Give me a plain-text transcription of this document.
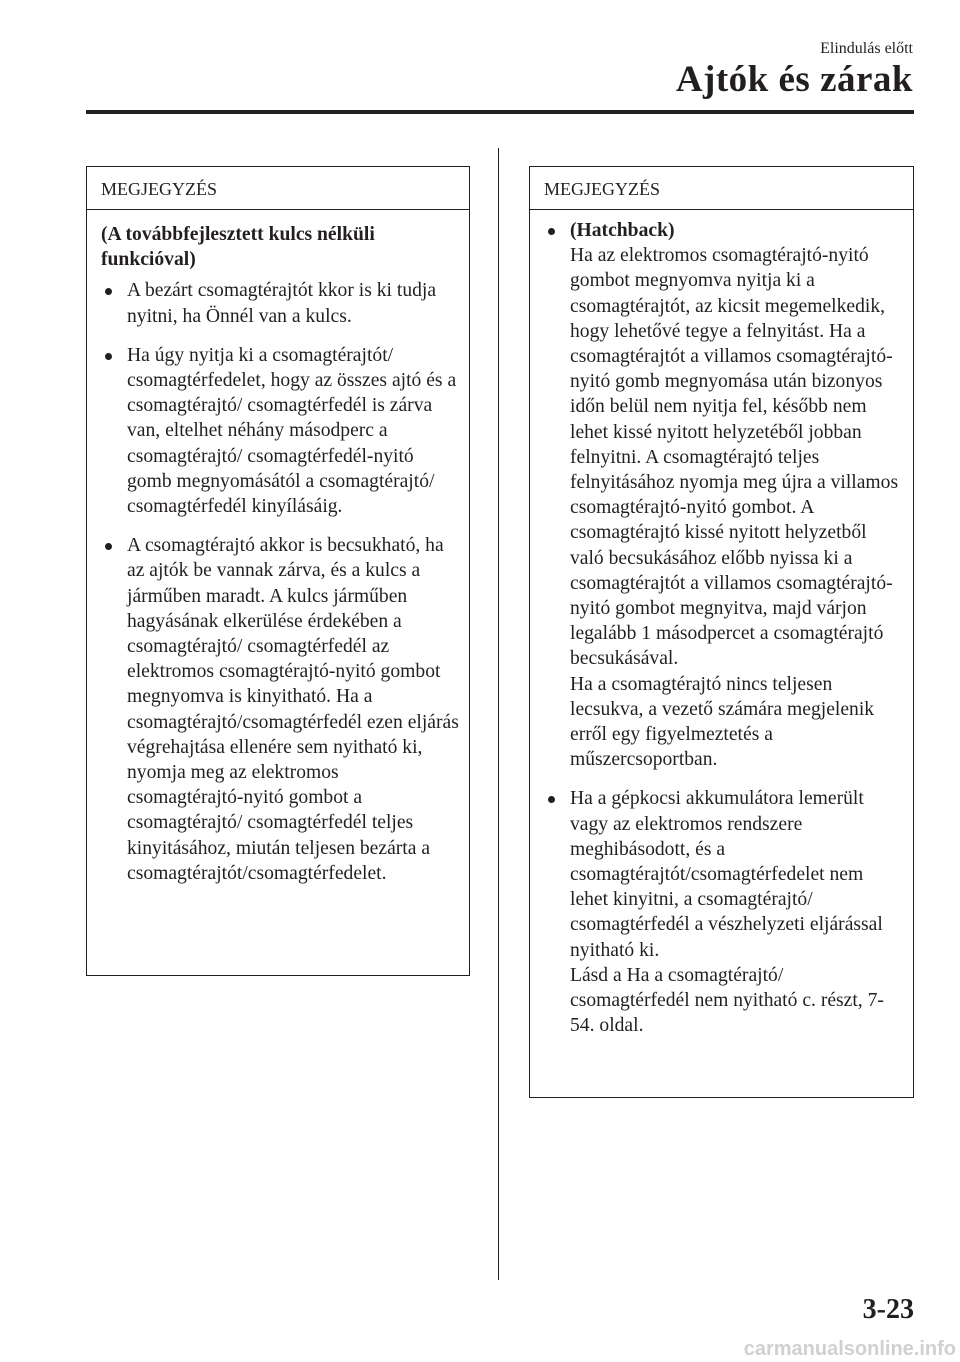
Elindulás előtt
Ajtók és zárak
MEGJEGYZÉS
(A továbbfejlesztett kulcs nélküli funkcióval)

A bezárt csomagtérajtót kkor is ki tudja nyitni, ha Önnél van a kulcs.

Ha úgy nyitja ki a csomagtérajtót/ csomagtérfedelet, hogy az összes ajtó és a csomagtérajtó/ csomagtérfedél is zárva van, eltelhet néhány másodperc a csomagtérajtó/ csomagtérfedél-nyitó gomb megnyomásától a csomagtérajtó/ csomagtérfedél kinyílásáig.

A csomagtérajtó akkor is becsukható, ha az ajtók be vannak zárva, és a kulcs a járműben maradt. A kulcs járműben hagyásának elkerülése érdekében a csomagtérajtó/ csomagtérfedél az elektromos csomagtérajtó-nyitó gombot megnyomva is kinyitható. Ha a csomagtérajtó/csomagtérfedél ezen eljárás végrehajtása ellenére sem nyitható ki, nyomja meg az elektromos csomagtérajtó-nyitó gombot a csomagtérajtó/ csomagtérfedél teljes kinyitásához, miután teljesen bezárta a csomagtérajtót/csomagtérfedelet.

MEGJEGYZÉS

(Hatchback)

Ha az elektromos csomagtérajtó-nyitó gombot megnyomva nyitja ki a csomagtérajtót, az kicsit megemelkedik, hogy lehetővé tegye a felnyitást. Ha a csomagtérajtót a villamos csomagtérajtó-nyitó gomb megnyomása után bizonyos időn belül nem nyitja fel, később nem lehet kissé nyitott helyzetéből jobban felnyitni. A csomagtérajtó teljes felnyitásához nyomja meg újra a villamos csomagtérajtó-nyitó gombot. A csomagtérajtó kissé nyitott helyzetből való becsukásához előbb nyissa ki a csomagtérajtót a villamos csomagtérajtó-nyitó gombot megnyitva, majd várjon legalább 1 másodpercet a csomagtérajtó becsukásával.

Ha a csomagtérajtó nincs teljesen lecsukva, a vezető számára megjelenik erről egy figyelmeztetés a műszercsoportban.

Ha a gépkocsi akkumulátora lemerült vagy az elektromos rendszere meghibásodott, és a csomagtérajtót/csomagtérfedelet nem lehet kinyitni, a csomagtérajtó/ csomagtérfedél a vészhelyzeti eljárással nyitható ki.

Lásd a Ha a csomagtérajtó/ csomagtérfedél nem nyitható c. részt, 7-54. oldal.

3-23
carmanualsonline.info
